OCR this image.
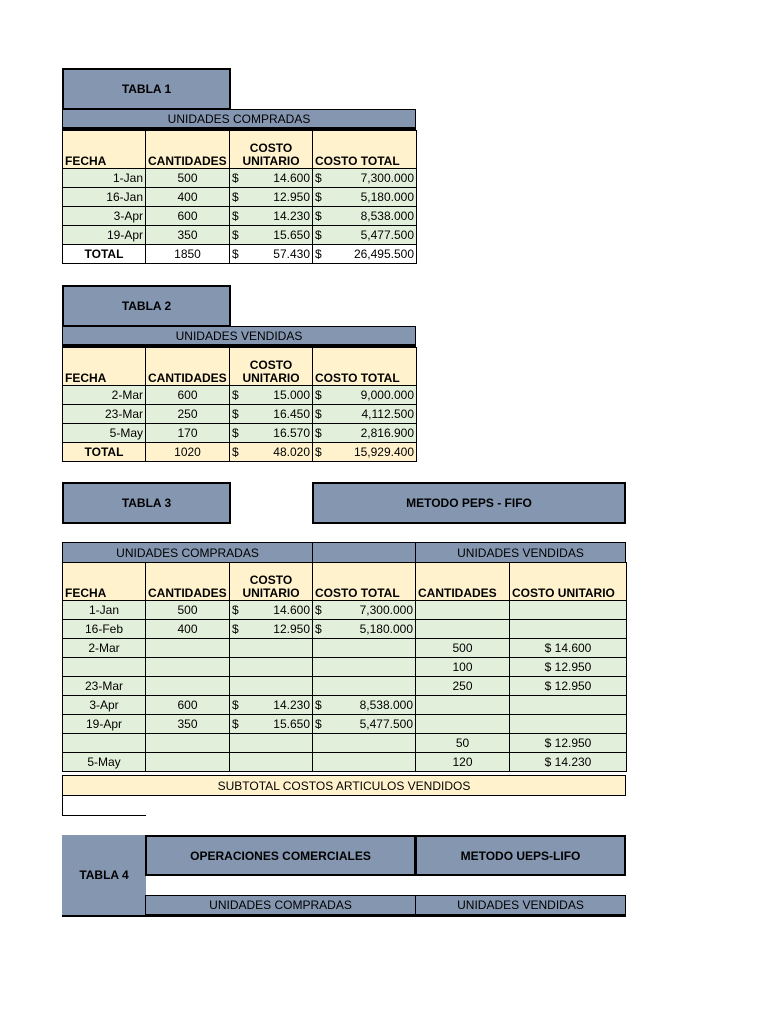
TABLA 1
UNIDADES COMPRADAS
FECHA	CANTIDADES	COSTO UNITARIO	COSTO TOTAL
1-Jan	500	$ 14.600	$ 7,300.000

16-Jan	400	$ 12.950	$ 5,180.000

3-Apr	600	$ 14.230	$ 8,538.000

19-Apr	350	$ 15.650	$ 5,477.500

TOTAL	1850	$ 57.430	$ 26,495.500
TABLA 2
UNIDADES VENDIDAS
FECHA	CANTIDADES	COSTO UNITARIO	COSTO TOTAL
2-Mar	600	$ 15.000	$ 9,000.000

23-Mar	250	$ 16.450	$ 4,112.500

5-May	170	$ 16.570	$ 2,816.900

TOTAL	1020	$ 48.020	$ 15,929.400
TABLA 3	METODO PEPS - FIFO
UNIDADES COMPRADAS	UNIDADES VENDIDAS
FECHA	CANTIDADES	COSTO UNITARIO	COSTO TOTAL	CANTIDADES	COSTO UNITARIO
1-Jan	500	$ 14.600	$ 7,300.000		

16-Feb	400	$ 12.950	$ 5,180.000		

2-Mar				500	$ 14.600
				100	$ 12.950
23-Mar				250	$ 12.950
3-Apr	600	$ 14.230	$ 8,538.000		

19-Apr	350	$ 15.650	$ 5,477.500		

				50	$ 12.950
5-May				120	$ 14.230
SUBTOTAL COSTOS ARTICULOS VENDIDOS
TABLA 4
OPERACIONES COMERCIALES	METODO UEPS-LIFO
UNIDADES COMPRADAS	UNIDADES VENDIDAS
